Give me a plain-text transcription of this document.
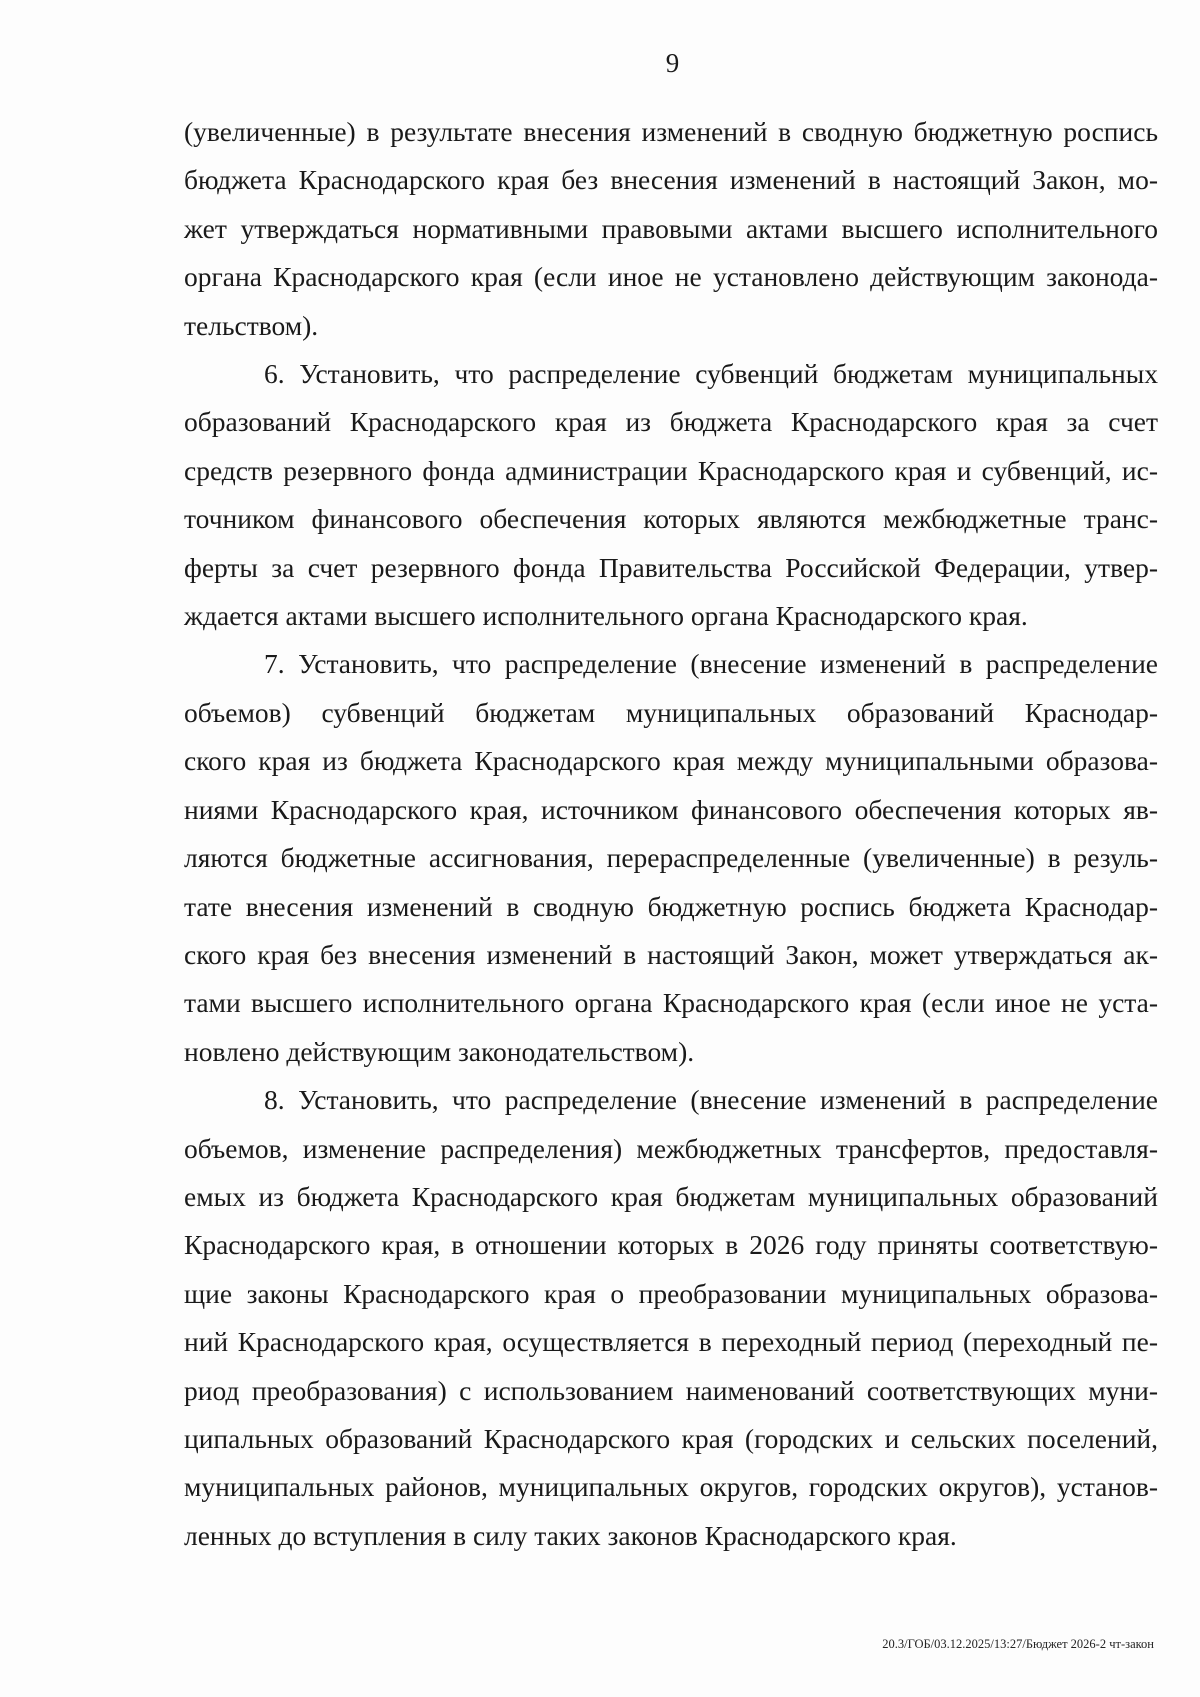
9

(увеличенные) в результате внесения изменений в сводную бюджетную роспись
бюджета Краснодарского края без внесения изменений в настоящий Закон, мо-
жет утверждаться нормативными правовыми актами высшего исполнительного
органа Краснодарского края (если иное не установлено действующим законода-
тельством).

6. Установить, что распределение субвенций бюджетам муниципальных
образований Краснодарского края из бюджета Краснодарского края за счет
средств резервного фонда администрации Краснодарского края и субвенций, ис-
точником финансового обеспечения которых являются межбюджетные транс-
ферты за счет резервного фонда Правительства Российской Федерации, утвер-
ждается актами высшего исполнительного органа Краснодарского края.

7. Установить, что распределение (внесение изменений в распределение
объемов) субвенций бюджетам муниципальных образований Краснодар-
ского края из бюджета Краснодарского края между муниципальными образова-
ниями Краснодарского края, источником финансового обеспечения которых яв-
ляются бюджетные ассигнования, перераспределенные (увеличенные) в резуль-
тате внесения изменений в сводную бюджетную роспись бюджета Краснодар-
ского края без внесения изменений в настоящий Закон, может утверждаться ак-
тами высшего исполнительного органа Краснодарского края (если иное не уста-
новлено действующим законодательством).

8. Установить, что распределение (внесение изменений в распределение
объемов, изменение распределения) межбюджетных трансфертов, предоставля-
емых из бюджета Краснодарского края бюджетам муниципальных образований
Краснодарского края, в отношении которых в 2026 году приняты соответствую-
щие законы Краснодарского края о преобразовании муниципальных образова-
ний Краснодарского края, осуществляется в переходный период (переходный пе-
риод преобразования) с использованием наименований соответствующих муни-
ципальных образований Краснодарского края (городских и сельских поселений,
муниципальных районов, муниципальных округов, городских округов), установ-
ленных до вступления в силу таких законов Краснодарского края.

20.3/ГОБ/03.12.2025/13:27/Бюджет 2026-2 чт-закон
